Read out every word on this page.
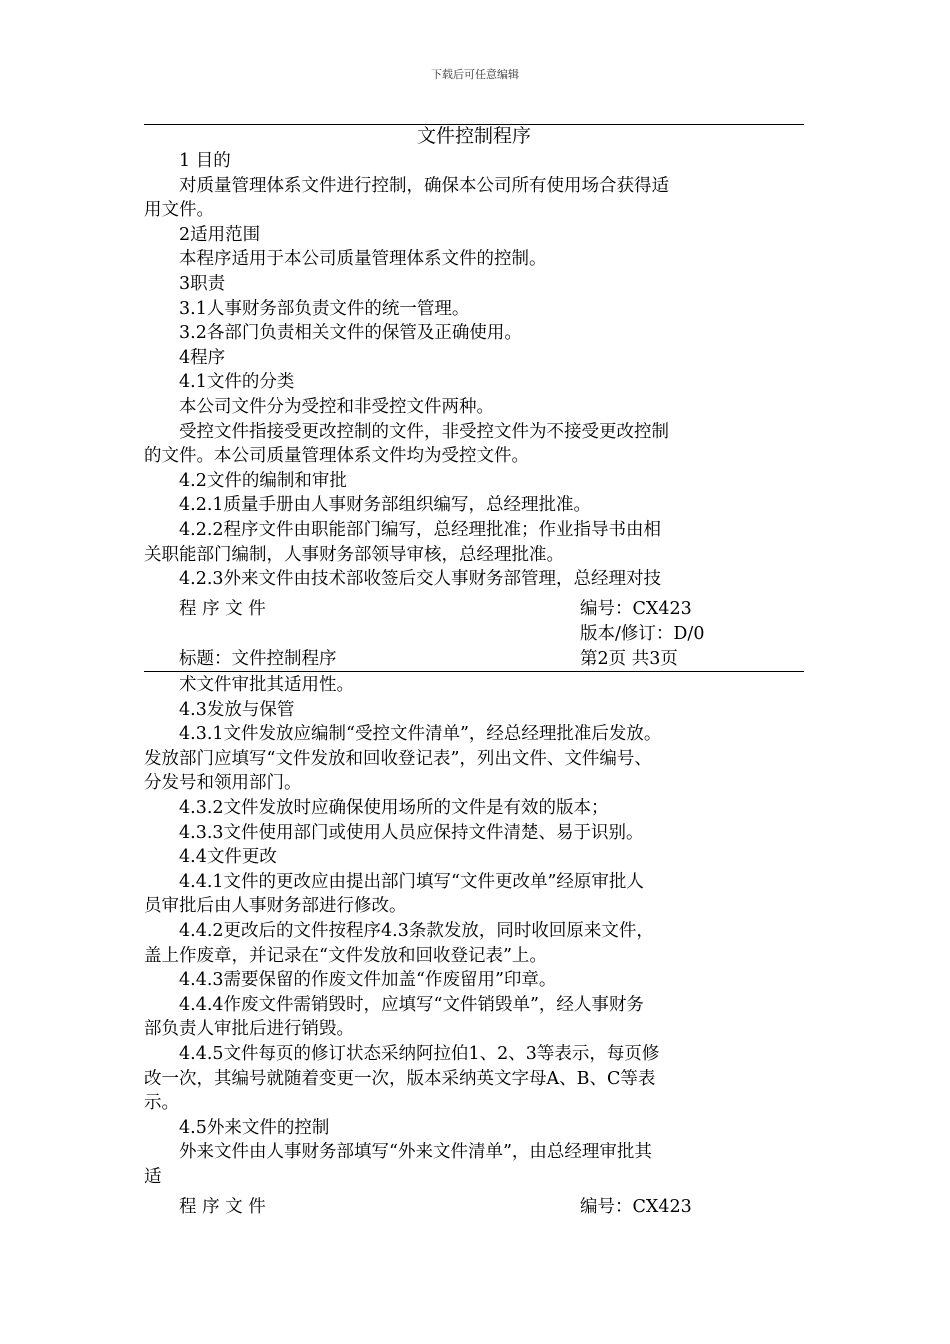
下载后可任意编辑
文件控制程序

1 目的

对质量管理体系文件进行控制，确保本公司所有使用场合获得适

用文件。

2适用范围

本程序适用于本公司质量管理体系文件的控制。

3职责

3.1人事财务部负责文件的统一管理。

3.2各部门负责相关文件的保管及正确使用。

4程序

4.1文件的分类

本公司文件分为受控和非受控文件两种。

受控文件指接受更改控制的文件，非受控文件为不接受更改控制

的文件。本公司质量管理体系文件均为受控文件。

4.2文件的编制和审批

4.2.1质量手册由人事财务部组织编写，总经理批准。

4.2.2程序文件由职能部门编写，总经理批准；作业指导书由相

关职能部门编制，人事财务部领导审核，总经理批准。

4.2.3外来文件由技术部收签后交人事财务部管理，总经理对技

程 序 文 件	编号：CX423
版本/修订：D/0
标题：文件控制程序	第2页 共3页

术文件审批其适用性。

4.3发放与保管

4.3.1文件发放应编制“受控文件清单”，经总经理批准后发放。

发放部门应填写“文件发放和回收登记表”，列出文件、文件编号、

分发号和领用部门。

4.3.2文件发放时应确保使用场所的文件是有效的版本；

4.3.3文件使用部门或使用人员应保持文件清楚、易于识别。

4.4文件更改

4.4.1文件的更改应由提出部门填写“文件更改单”经原审批人

员审批后由人事财务部进行修改。

4.4.2更改后的文件按程序4.3条款发放，同时收回原来文件，

盖上作废章，并记录在“文件发放和回收登记表”上。

4.4.3需要保留的作废文件加盖“作废留用”印章。

4.4.4作废文件需销毁时，应填写“文件销毁单”，经人事财务

部负责人审批后进行销毁。

4.4.5文件每页的修订状态采纳阿拉伯1、2、3等表示，每页修

改一次，其编号就随着变更一次，版本采纳英文字母A、B、C等表

示。

4.5外来文件的控制

外来文件由人事财务部填写“外来文件清单”，由总经理审批其

适

程 序 文 件	编号：CX423
